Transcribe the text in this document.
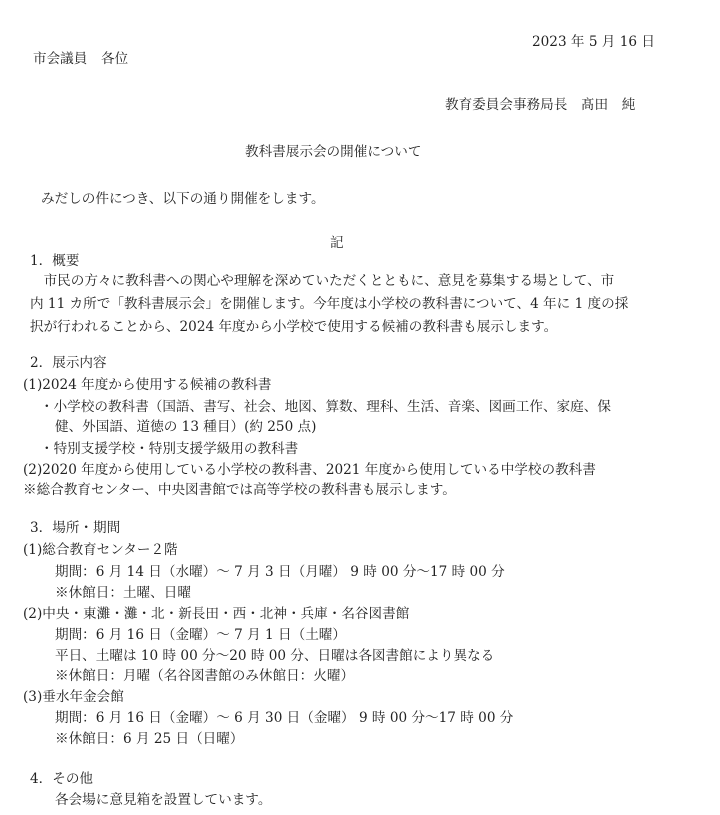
2023 年 5 月 16 日
市会議員　各位
教育委員会事務局長　髙田　純
教科書展示会の開催について
みだしの件につき、以下の通り開催をします。
記
1．概要
　市民の方々に教科書への関心や理解を深めていただくとともに、意見を募集する場として、市
内 11 カ所で「教科書展示会」を開催します。今年度は小学校の教科書について、4 年に 1 度の採
択が行われることから、2024 年度から小学校で使用する候補の教科書も展示します。
2．展示内容
(1)2024 年度から使用する候補の教科書
・小学校の教科書（国語、書写、社会、地図、算数、理科、生活、音楽、図画工作、家庭、保
健、外国語、道徳の 13 種目）(約 250 点)
・特別支援学校・特別支援学級用の教科書
(2)2020 年度から使用している小学校の教科書、2021 年度から使用している中学校の教科書
※総合教育センター、中央図書館では高等学校の教科書も展示します。
3．場所・期間
(1)総合教育センター２階
期間：6 月 14 日（水曜）～ 7 月 3 日（月曜） 9 時 00 分～17 時 00 分
※休館日：土曜、日曜
(2)中央・東灘・灘・北・新長田・西・北神・兵庫・名谷図書館
期間：6 月 16 日（金曜）～ 7 月 1 日（土曜）
平日、土曜は 10 時 00 分～20 時 00 分、日曜は各図書館により異なる
※休館日：月曜（名谷図書館のみ休館日：火曜）
(3)垂水年金会館
期間：6 月 16 日（金曜）～ 6 月 30 日（金曜） 9 時 00 分～17 時 00 分
※休館日：6 月 25 日（日曜）
4．その他
各会場に意見箱を設置しています。
